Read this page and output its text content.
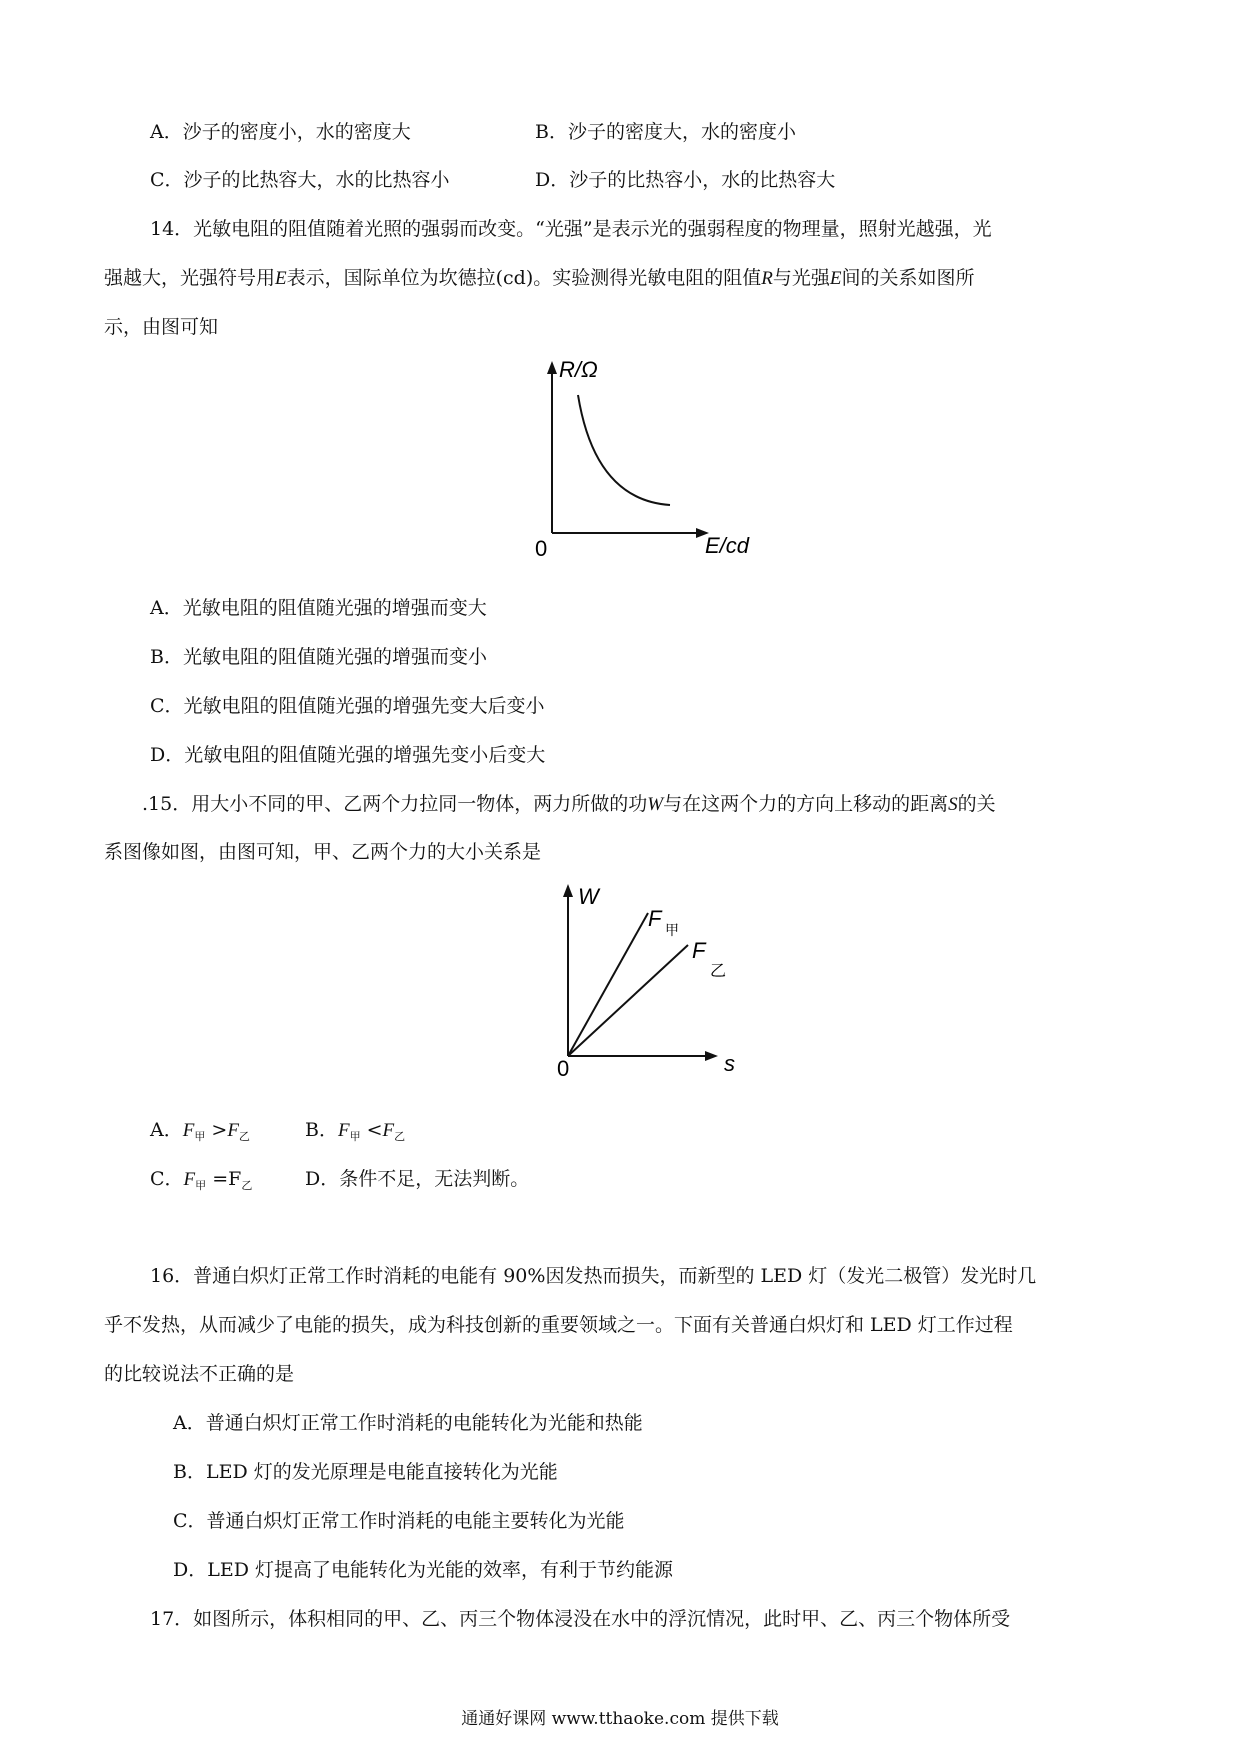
A．沙子的密度小，水的密度大	B．沙子的密度大，水的密度小
C．沙子的比热容大，水的比热容小	D．沙子的比热容小，水的比热容大
14．光敏电阻的阻值随着光照的强弱而改变。“光强”是表示光的强弱程度的物理量，照射光越强，光
强越大，光强符号用E表示，国际单位为坎德拉(cd)。实验测得光敏电阻的阻值R与光强E间的关系如图所
示，由图可知
R/Ω
E/cd
0
A．光敏电阻的阻值随光强的增强而变大
B．光敏电阻的阻值随光强的增强而变小
C．光敏电阻的阻值随光强的增强先变大后变小
D．光敏电阻的阻值随光强的增强先变小后变大
.15．用大小不同的甲、乙两个力拉同一物体，两力所做的功W与在这两个力的方向上移动的距离S的关
系图像如图，由图可知，甲、乙两个力的大小关系是
W
s
0
F 甲
F
乙
A．$F_甲 >F_乙$	B．$F_甲 <F_乙$
C．$F_甲 =F_乙$	D．条件不足，无法判断。
16．普通白炽灯正常工作时消耗的电能有 90%因发热而损失，而新型的 LED 灯（发光二极管）发光时几
乎不发热，从而减少了电能的损失，成为科技创新的重要领域之一。下面有关普通白炽灯和 LED 灯工作过程
的比较说法不正确的是
A．普通白炽灯正常工作时消耗的电能转化为光能和热能
B．LED 灯的发光原理是电能直接转化为光能
C．普通白炽灯正常工作时消耗的电能主要转化为光能
D．LED 灯提高了电能转化为光能的效率，有利于节约能源
17．如图所示，体积相同的甲、乙、丙三个物体浸没在水中的浮沉情况，此时甲、乙、丙三个物体所受
通通好课网 www.tthaoke.com 提供下载
